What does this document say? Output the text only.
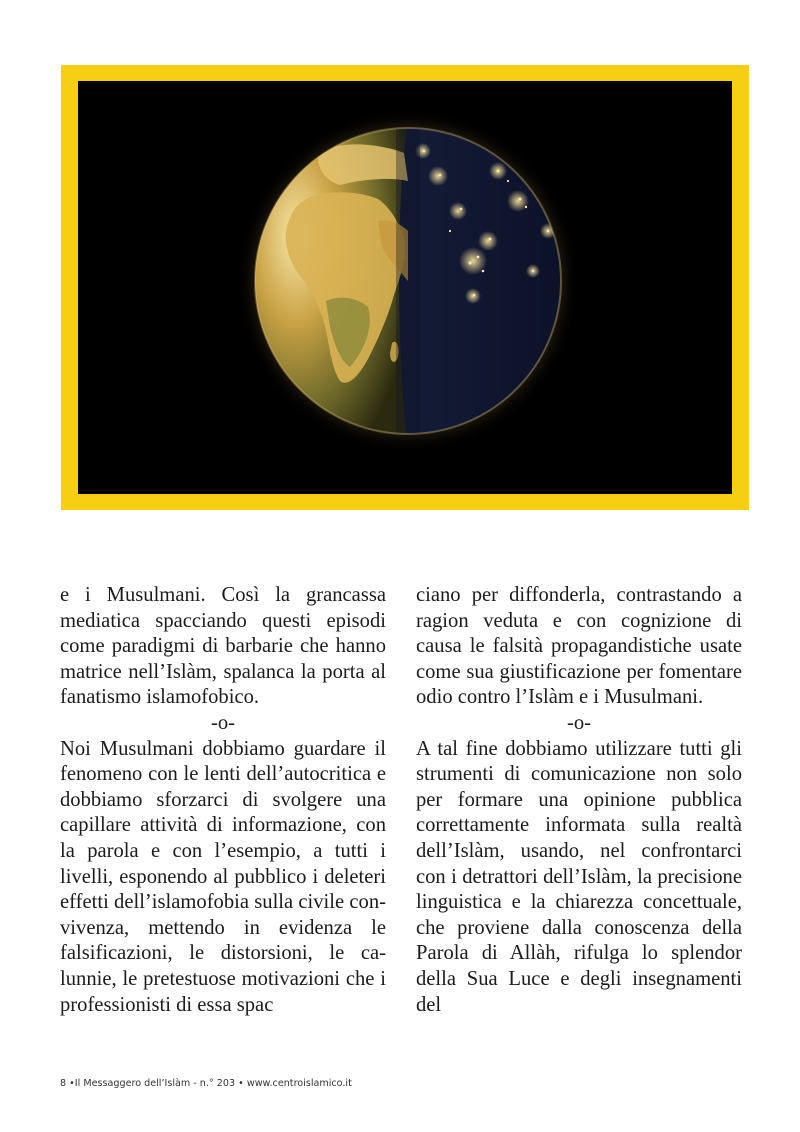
e i Musulmani. Così la grancassa mediatica spacciando questi episodi come paradigmi di barbarie che hanno matrice nell’Islàm, spalanca la porta al fanatismo islamofobico.

-o-

Noi Musulmani dobbiamo guardare il fenomeno con le lenti dell’autocritica e dobbiamo sforzarci di svolgere una capillare attività di informazione, con la parola e con l’esempio, a tutti i livelli, esponendo al pubblico i deleteri effetti dell’islamofobia sulla civile convivenza, mettendo in evidenza le falsificazioni, le distorsioni, le calunnie, le pretestuose motivazioni che i professionisti di essa spac

ciano per diffonderla, contrastando a ragion veduta e con cognizione di causa le falsità propagandistiche usate come sua giustificazione per fomentare odio contro l’Islàm e i Musulmani.

-o-

A tal fine dobbiamo utilizzare tutti gli strumenti di comunicazione non solo per formare una opinione pubblica correttamente informata sulla realtà dell’Islàm, usando, nel confrontarci con i detrattori dell’Islàm, la precisione linguistica e la chiarezza concettuale, che proviene dalla conoscenza della Parola di Allàh, rifulga lo splendor della Sua Luce e degli insegnamenti del

8 •Il Messaggero dell’Islàm - n.° 203 • www.centroislamico.it
